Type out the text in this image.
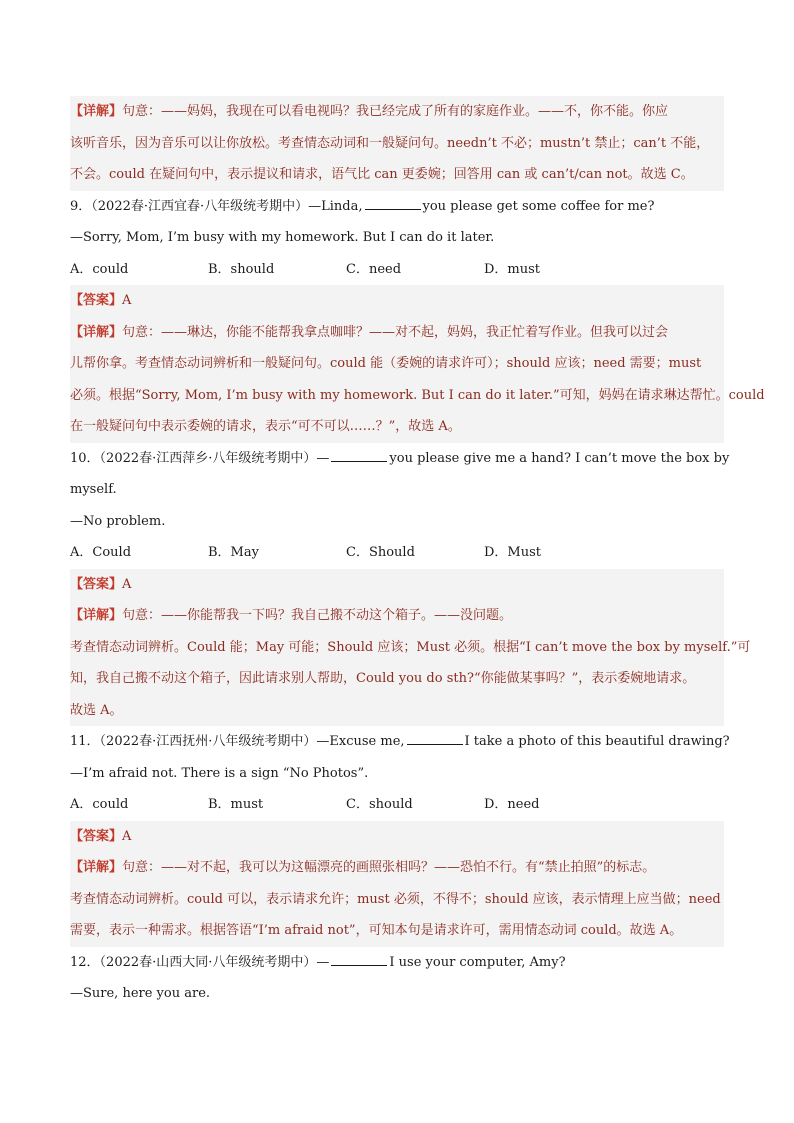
【详解】句意：——妈妈，我现在可以看电视吗？我已经完成了所有的家庭作业。——不，你不能。你应
该听音乐，因为音乐可以让你放松。考查情态动词和一般疑问句。needn’t 不必；mustn’t 禁止；can’t 不能，
不会。could 在疑问句中，表示提议和请求，语气比 can 更委婉；回答用 can 或 can’t/can not。故选 C。
9．（2022春·江西宜春·八年级统考期中）—Linda,	you please get some coffee for me?
—Sorry, Mom, I’m busy with my homework. But I can do it later.
A．could	B．should	C．need	D．must
【答案】A
【详解】句意：——琳达，你能不能帮我拿点咖啡？——对不起，妈妈，我正忙着写作业。但我可以过会
儿帮你拿。考查情态动词辨析和一般疑问句。could 能（委婉的请求许可）；should 应该；need 需要；must
必须。根据“Sorry, Mom, I’m busy with my homework. But I can do it later.”可知，妈妈在请求琳达帮忙。could
在一般疑问句中表示委婉的请求，表示“可不可以……？”，故选 A。
10．（2022春·江西萍乡·八年级统考期中）—	you please give me a hand? I can’t move the box by
myself.
—No problem.
A．Could	B．May	C．Should	D．Must
【答案】A
【详解】句意：——你能帮我一下吗？我自己搬不动这个箱子。——没问题。
考查情态动词辨析。Could 能；May 可能；Should 应该；Must 必须。根据“I can’t move the box by myself.”可
知，我自己搬不动这个箱子，因此请求别人帮助，Could you do sth?“你能做某事吗？”，表示委婉地请求。
故选 A。
11．（2022春·江西抚州·八年级统考期中）—Excuse me,	I take a photo of this beautiful drawing?
—I’m afraid not. There is a sign “No Photos”.
A．could	B．must	C．should	D．need
【答案】A
【详解】句意：——对不起，我可以为这幅漂亮的画照张相吗？——恐怕不行。有“禁止拍照”的标志。
考查情态动词辨析。could 可以，表示请求允许；must 必须，不得不；should 应该，表示情理上应当做；need
需要，表示一种需求。根据答语“I’m afraid not”，可知本句是请求许可，需用情态动词 could。故选 A。
12．（2022春·山西大同·八年级统考期中）—	I use your computer, Amy?
—Sure, here you are.
